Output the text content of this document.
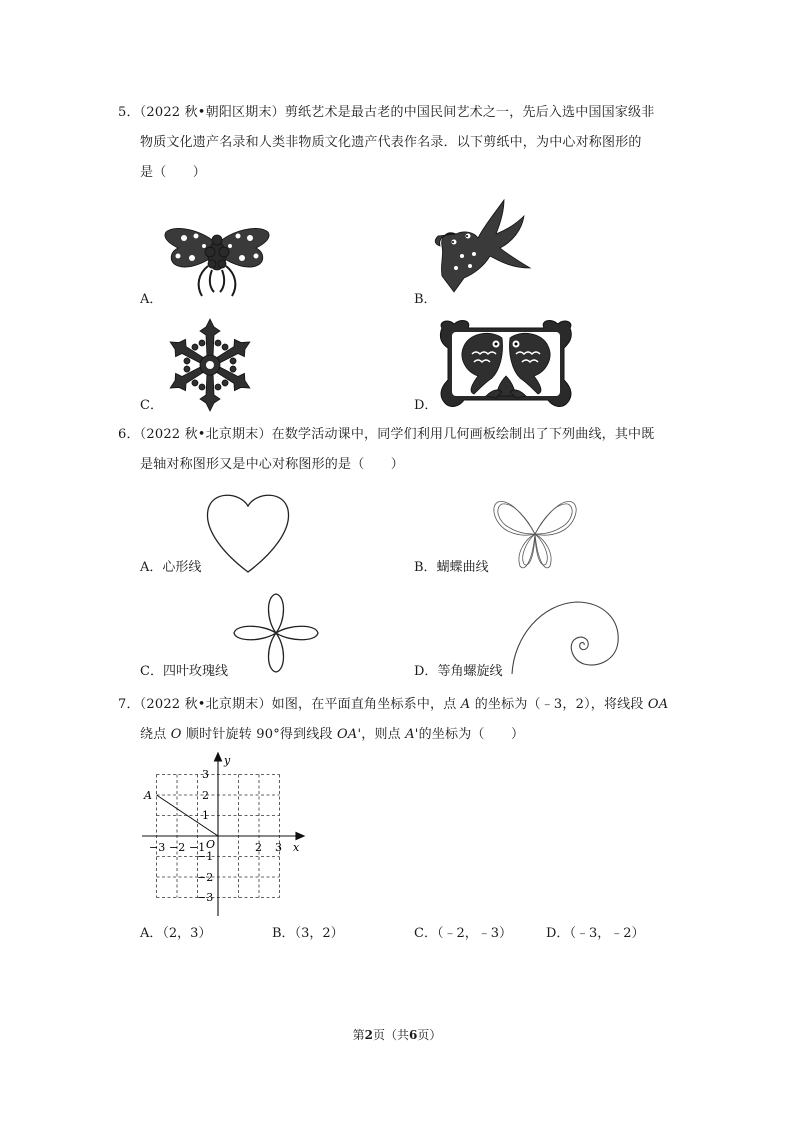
5．（2022 秋•朝阳区期末）剪纸艺术是最古老的中国民间艺术之一，先后入选中国国家级非
物质文化遗产名录和人类非物质文化遗产代表作名录．以下剪纸中，为中心对称图形的
是（　　）
A．	B．
C．	D．
6．（2022 秋•北京期末）在数学活动课中，同学们利用几何画板绘制出了下列曲线，其中既
是轴对称图形又是中心对称图形的是（　　）
A．心形线	B．蝴蝶曲线
C．四叶玫瑰线	D．等角螺旋线
7．（2022 秋•北京期末）如图，在平面直角坐标系中，点 A 的坐标为（﹣3，2），将线段 OA
绕点 O 顺时针旋转 90°得到线段 OA'，则点 A'的坐标为（　　）
y
x
O
A
−3 −2 −1	2 3
3
2
1
−1
−2
−3
A．（2，3）	B．（3，2）	C．（﹣2，﹣3）	D．（﹣3，﹣2）
第2页（共6页）
